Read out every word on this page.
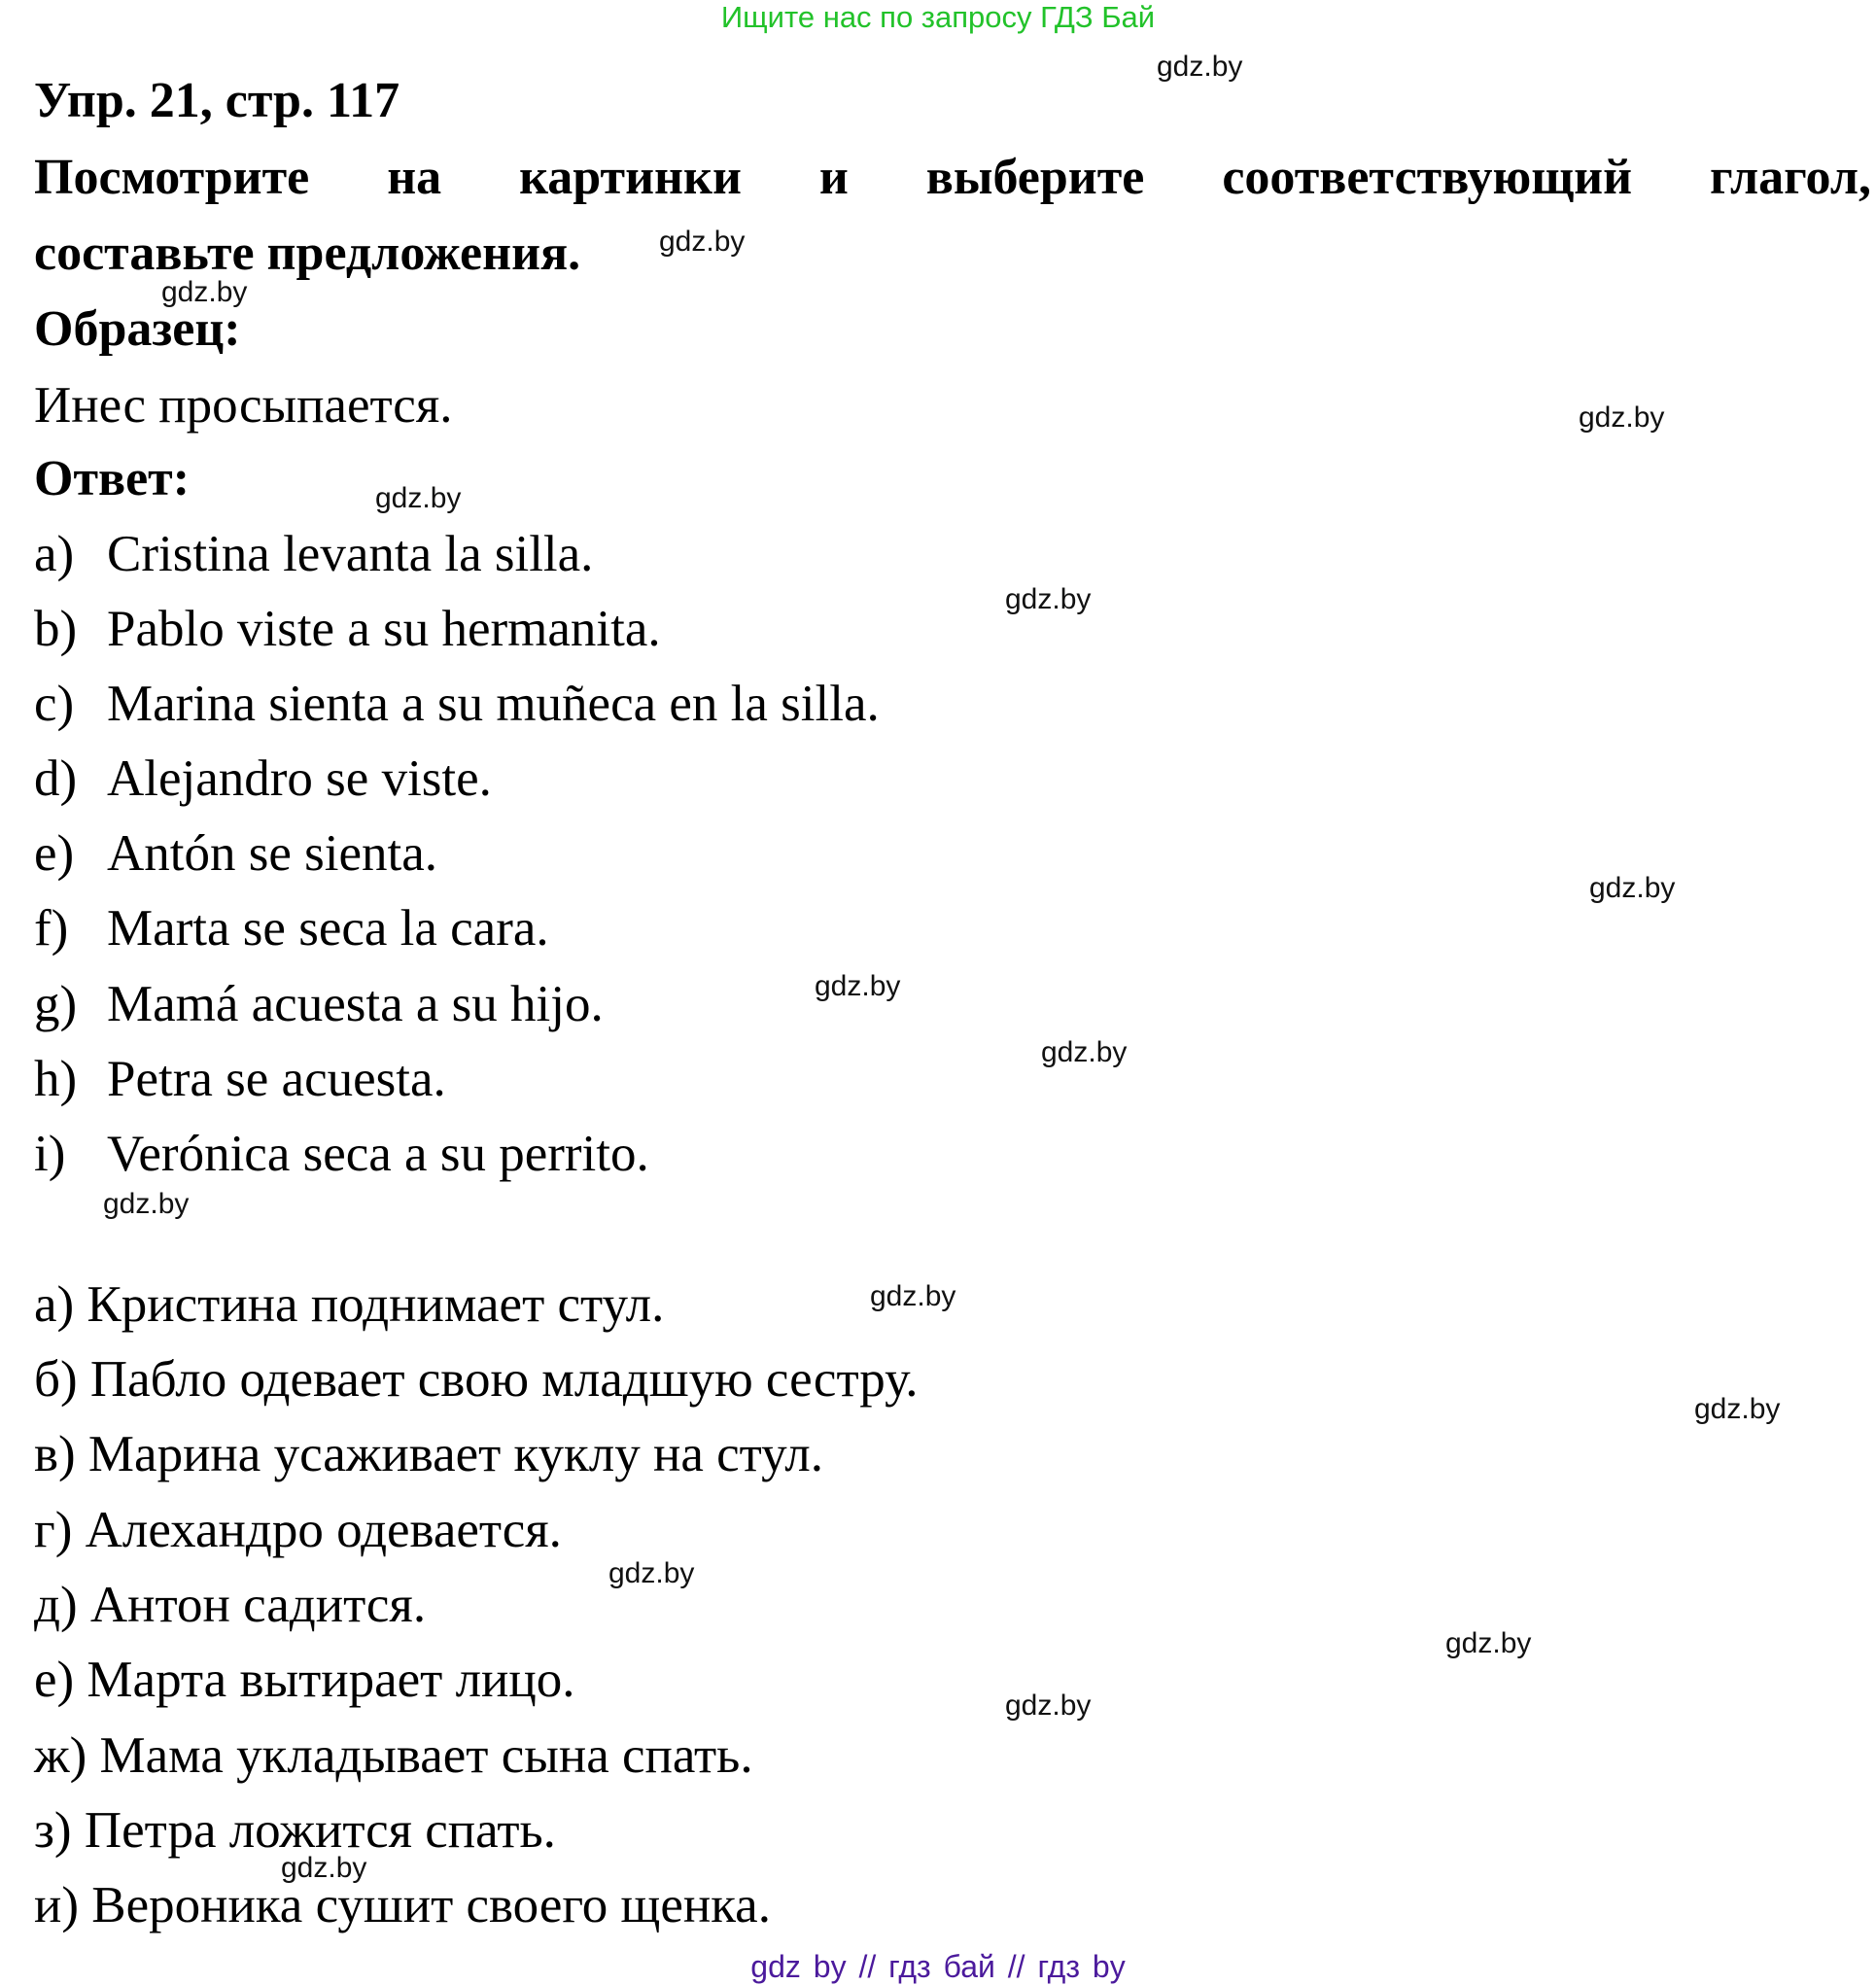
Ищите нас по запросу ГДЗ Бай
Упр. 21, стр. 117
Посмотрите на картинки и выберите соответствующий глагол,
составьте предложения.
Образец:
Инес просыпается.
Ответ:
a) Cristina levanta la silla.
b) Pablo viste a su hermanita.
c) Marina sienta a su muñeca en la silla.
d) Alejandro se viste.
e) Antón se sienta.
f) Marta se seca la cara.
g) Mamá acuesta a su hijo.
h) Petra se acuesta.
i) Verónica seca a su perrito.
а) Кристина поднимает стул.
б) Пабло одевает свою младшую сестру.
в) Марина усаживает куклу на стул.
г) Алехандро одевается.
д) Антон садится.
е) Марта вытирает лицо.
ж) Мама укладывает сына спать.
з) Петра ложится спать.
и) Вероника сушит своего щенка.
gdz.by
gdz.by
gdz.by
gdz.by
gdz.by
gdz.by
gdz.by
gdz.by
gdz.by
gdz.by
gdz.by
gdz.by
gdz.by
gdz.by
gdz.by
gdz.by
gdz by // гдз бай // гдз by
